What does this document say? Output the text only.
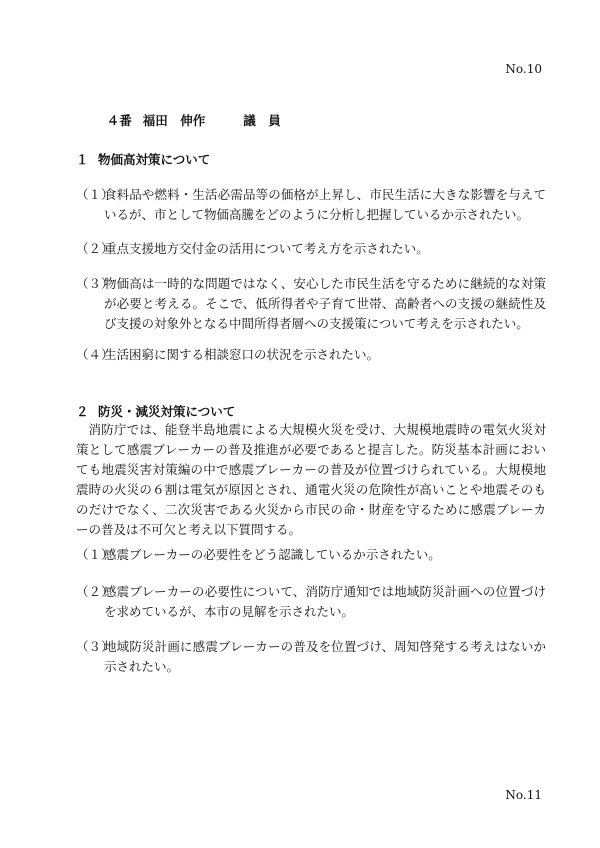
No.10

４番 福田　伸作	議　員

１ 物価高対策について
（１）
食料品や燃料・生活必需品等の価格が上昇し、市民生活に大きな影響を与えているが、市として物価高騰をどのように分析し把握しているか示されたい。
（２）
重点支援地方交付金の活用について考え方を示されたい。
（３）
物価高は一時的な問題ではなく、安心した市民生活を守るために継続的な対策が必要と考える。そこで、低所得者や子育て世帯、高齢者への支援の継続性及び支援の対象外となる中間所得者層への支援策について考えを示されたい。
（４）
生活困窮に関する相談窓口の状況を示されたい。
２ 防災・減災対策について
消防庁では、能登半島地震による大規模火災を受け、大規模地震時の電気火災対策として感震ブレーカーの普及推進が必要であると提言した。防災基本計画においても地震災害対策編の中で感震ブレーカーの普及が位置づけられている。大規模地震時の火災の６割は電気が原因とされ、通電火災の危険性が高いことや地震そのものだけでなく、二次災害である火災から市民の命・財産を守るために感震ブレーカーの普及は不可欠と考え以下質問する。
（１）
感震ブレーカーの必要性をどう認識しているか示されたい。
（２）
感震ブレーカーの必要性について、消防庁通知では地域防災計画への位置づけを求めているが、本市の見解を示されたい。
（３）
地域防災計画に感震ブレーカーの普及を位置づけ、周知啓発する考えはないか示されたい。
No.11
